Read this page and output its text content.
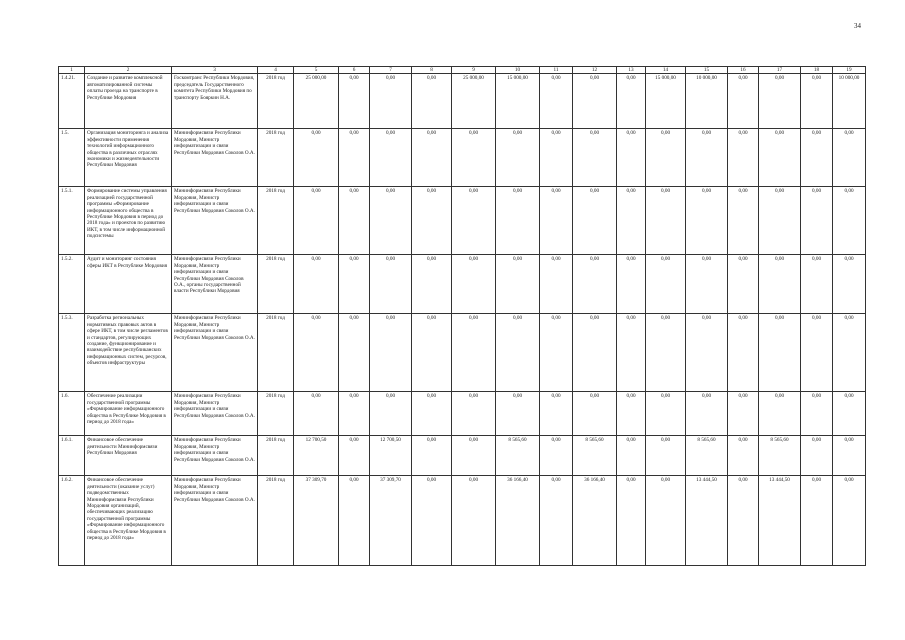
34
1	2	3	4	5	6	7	8	9	10	11	12	13	14	15	16	17	18	19
1.4.21.	Создание и развитие комплексной автоматизированной системы оплаты проезда на транспорте в Республике Мордовия	Госкомтранс Республики Мордовия, председатель Государственного комитета Республики Мордовия по транспорту Бояркин Н.А.	2018 год	25 000,00	0,00	0,00	0,00	25 000,00	15 000,00	0,00	0,00	0,00	15 000,00	10 000,00	0,00	0,00	0,00	10 000,00
1.5.	Организация мониторинга и анализа эффективности применения технологий информационного общества в различных отраслях экономики и жизнедеятельности Республики Мордовия	Мининформсвязи Республики Мордовия, Министр информатизации и связи Республики Мордовия Соколов О.А.	2018 год	0,00	0,00	0,00	0,00	0,00	0,00	0,00	0,00	0,00	0,00	0,00	0,00	0,00	0,00	0,00
1.5.1.	Формирование системы управления реализацией государственной программы «Формирование информационного общества в Республике Мордовия в период до 2018 года» и проектов по развитию ИКТ, в том числе информационной подсистемы	Мининформсвязи Республики Мордовия, Министр информатизации и связи Республики Мордовия Соколов О.А.	2018 год	0,00	0,00	0,00	0,00	0,00	0,00	0,00	0,00	0,00	0,00	0,00	0,00	0,00	0,00	0,00
1.5.2.	Аудит и мониторинг состояния сферы ИКТ в Республике Мордовия	Мининформсвязи Республики Мордовия, Министр информатизации и связи Республики Мордовия Соколов О.А., органы государственной власти Республики Мордовия	2018 год	0,00	0,00	0,00	0,00	0,00	0,00	0,00	0,00	0,00	0,00	0,00	0,00	0,00	0,00	0,00
1.5.3.	Разработка региональных нормативных правовых актов в сфере ИКТ, в том числе регламентов и стандартов, регулирующих создание, функционирование и взаимодействие республиканских информационных систем, ресурсов, объектов инфраструктуры	Мининформсвязи Республики Мордовия, Министр информатизации и связи Республики Мордовия Соколов О.А.	2018 год	0,00	0,00	0,00	0,00	0,00	0,00	0,00	0,00	0,00	0,00	0,00	0,00	0,00	0,00	0,00
1.6.	Обеспечение реализации государственной программы «Формирование информационного общества в Республике Мордовия в период до 2018 года»	Мининформсвязи Республики Мордовия, Министр информатизации и связи Республики Мордовия Соколов О.А.	2018 год	0,00	0,00	0,00	0,00	0,00	0,00	0,00	0,00	0,00	0,00	0,00	0,00	0,00	0,00	0,00
1.6.1.	Финансовое обеспечение деятельности Мининформсвязи Республики Мордовия	Мининформсвязи Республики Мордовия, Министр информатизации и связи Республики Мордовия Соколов О.А.	2018 год	12 700,50	0,00	12 700,50	0,00	0,00	8 565,60	0,00	8 565,60	0,00	0,00	8 565,60	0,00	8 565,60	0,00	0,00
1.6.2.	Финансовое обеспечение деятельности (оказание услуг) подведомственных Мининформсвязи Республики Мордовия организаций, обеспечивающих реализацию государственной программы «Формирование информационного общества в Республике Мордовия в период до 2018 года»	Мининформсвязи Республики Мордовия, Министр информатизации и связи Республики Мордовия Соколов О.А.	2018 год	37 309,70	0,00	37 309,70	0,00	0,00	36 166,40	0,00	36 166,40	0,00	0,00	13 444,50	0,00	13 444,50	0,00	0,00
